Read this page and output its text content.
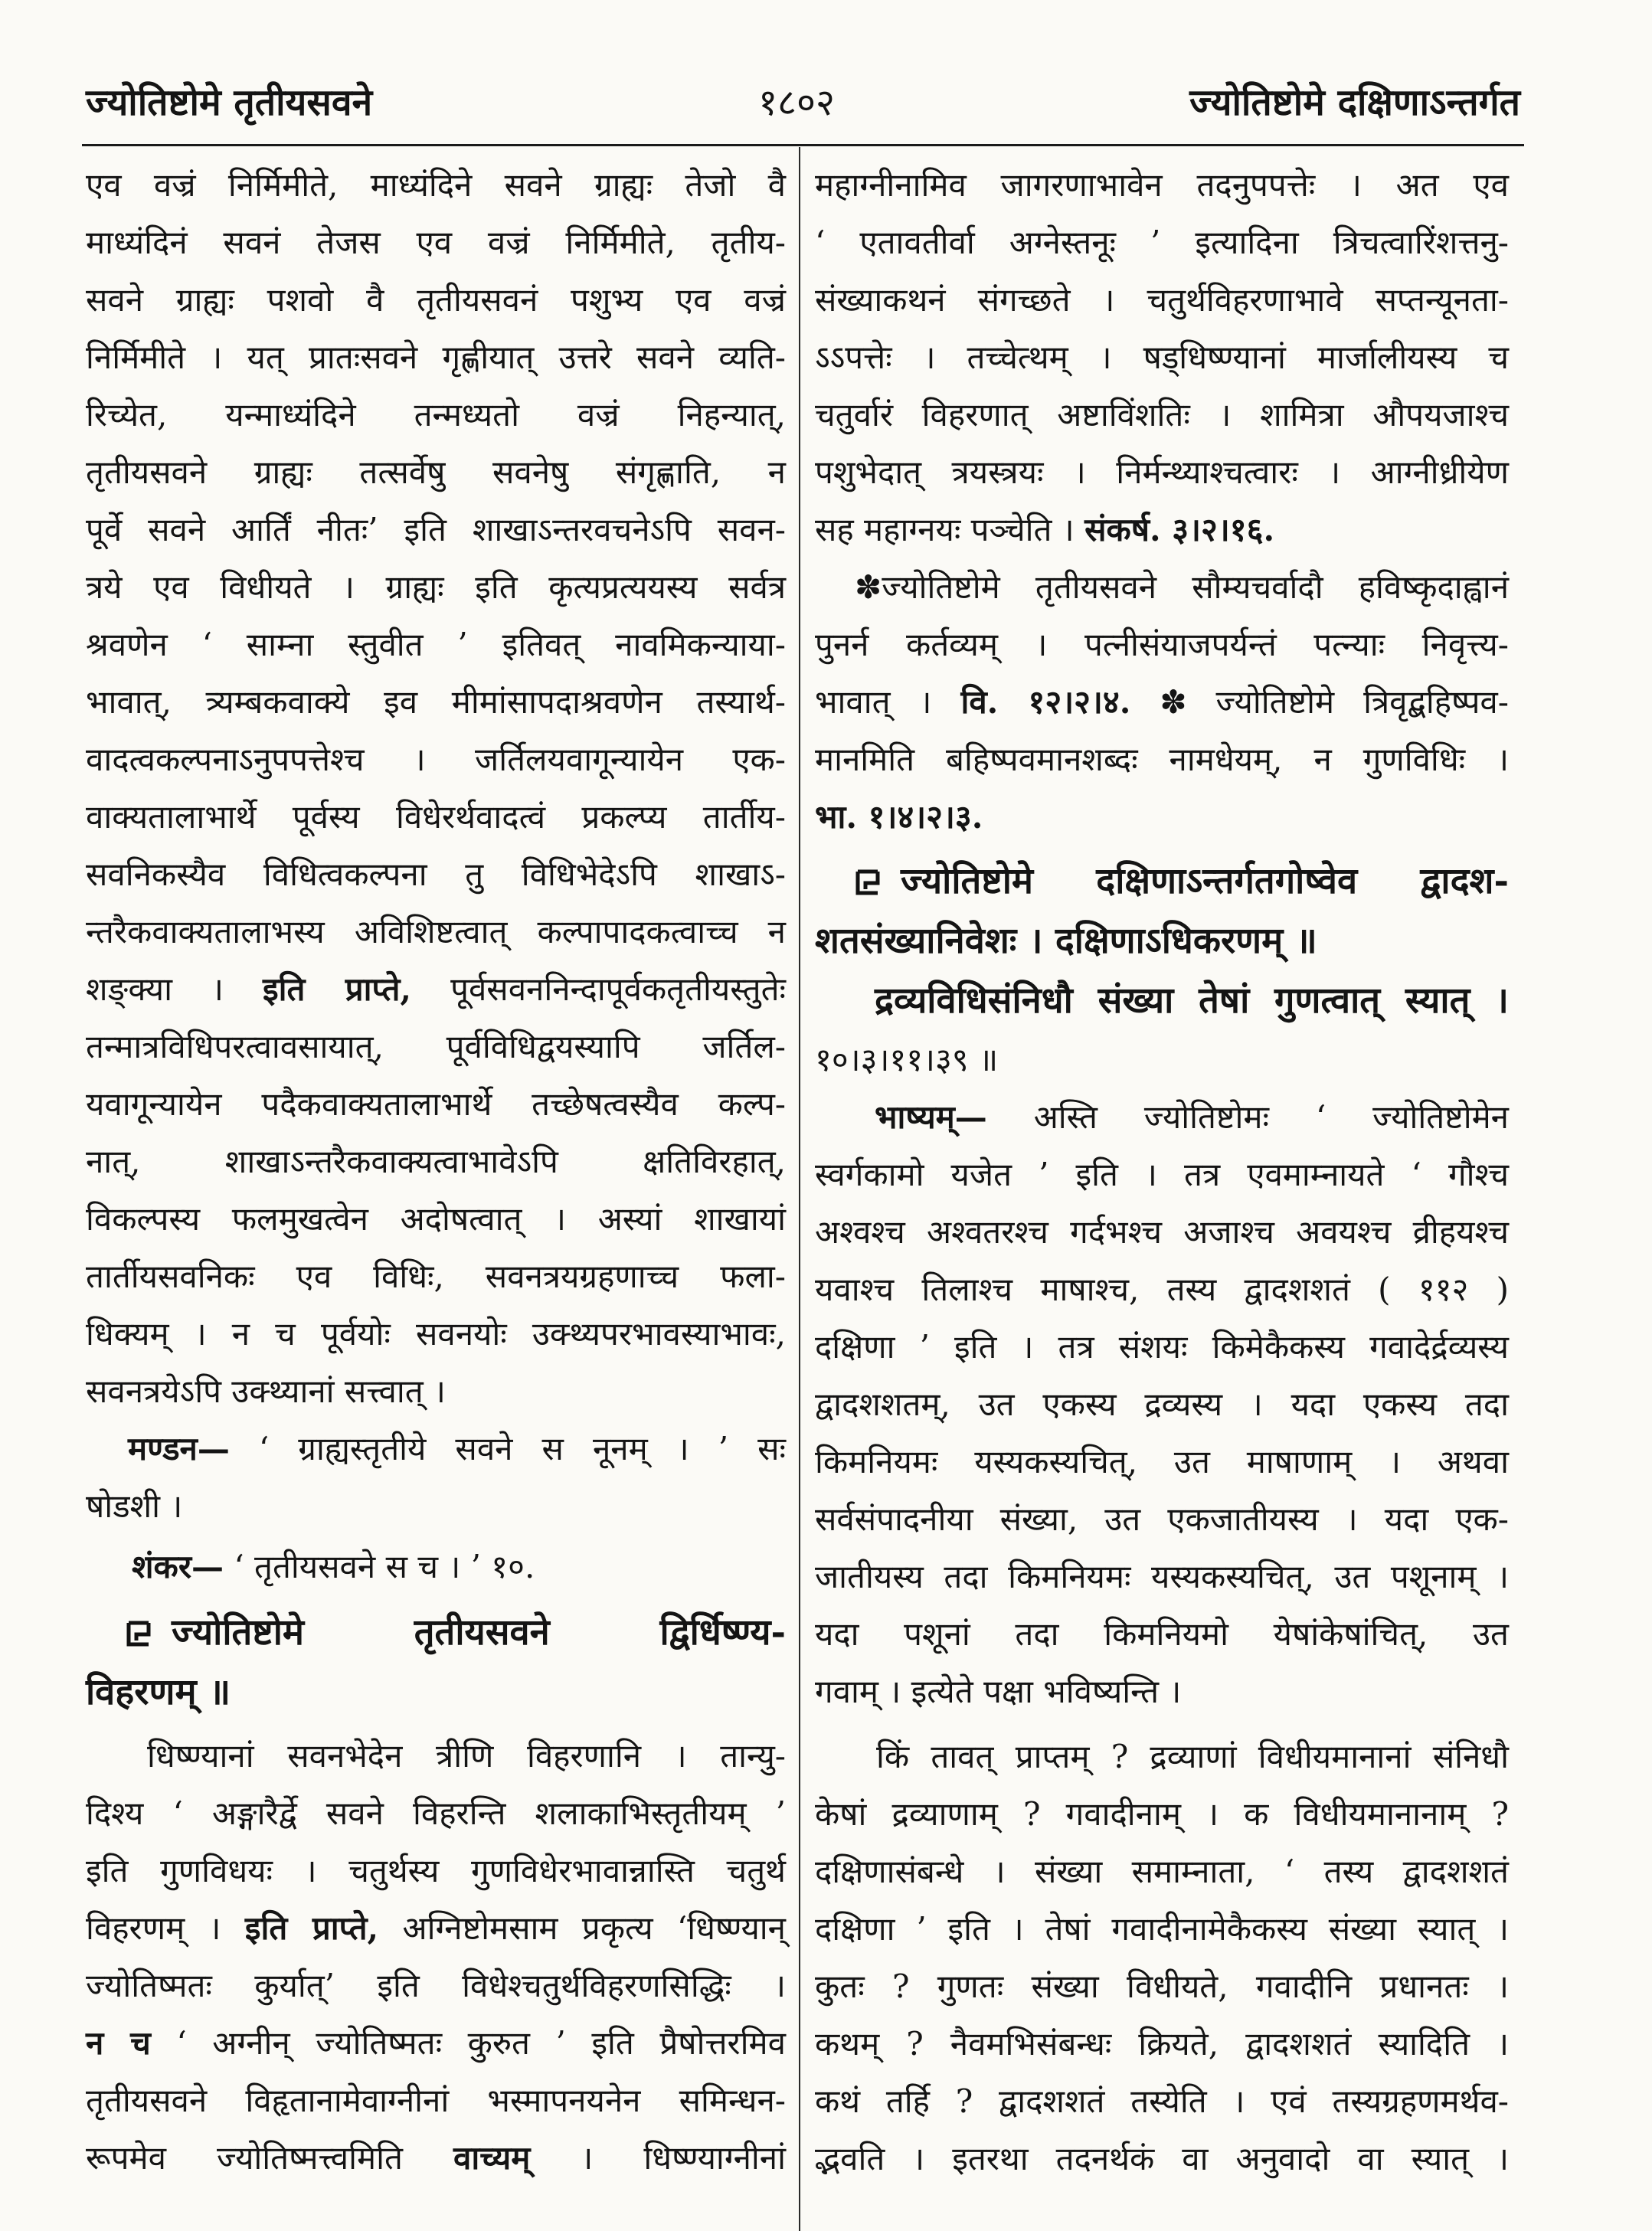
ज्योतिष्टोमे तृतीयसवने	१८०२	ज्योतिष्टोमे दक्षिणाऽन्तर्गत
एव वज्रं निर्मिमीते, माध्यंदिने सवने ग्राह्यः तेजो वै
माध्यंदिनं सवनं तेजस एव वज्रं निर्मिमीते, तृतीय-
सवने ग्राह्यः पशवो वै तृतीयसवनं पशुभ्य एव वज्रं
निर्मिमीते । यत् प्रातःसवने गृह्णीयात् उत्तरे सवने व्यति-
रिच्येत, यन्माध्यंदिने तन्मध्यतो वज्रं निहन्यात्,
तृतीयसवने ग्राह्यः तत्सर्वेषु सवनेषु संगृह्णाति, न
पूर्वे सवने आर्तिं नीतः’ इति शाखाऽन्तरवचनेऽपि सवन-
त्रये एव विधीयते । ग्राह्यः इति कृत्यप्रत्ययस्य सर्वत्र
श्रवणेन ‘ साम्ना स्तुवीत ’ इतिवत् नावमिकन्याया-
भावात्, त्र्यम्बकवाक्ये इव मीमांसापदाश्रवणेन तस्यार्थ-
वादत्वकल्पनाऽनुपपत्तेश्च । जर्तिलयवागून्यायेन एक-
वाक्यतालाभार्थे पूर्वस्य विधेरर्थवादत्वं प्रकल्प्य तार्तीय-
सवनिकस्यैव विधित्वकल्पना तु विधिभेदेऽपि शाखाऽ-
न्तरैकवाक्यतालाभस्य अविशिष्टत्वात् कल्पापादकत्वाच्च न
शङ्क्या । इति प्राप्ते, पूर्वसवननिन्दापूर्वकतृतीयस्तुतेः
तन्मात्रविधिपरत्वावसायात्, पूर्वविधिद्वयस्यापि जर्तिल-
यवागून्यायेन पदैकवाक्यतालाभार्थे तच्छेषत्वस्यैव कल्प-
नात्, शाखाऽन्तरैकवाक्यत्वाभावेऽपि क्षतिविरहात्,
विकल्पस्य फलमुखत्वेन अदोषत्वात् । अस्यां शाखायां
तार्तीयसवनिकः एव विधिः, सवनत्रयग्रहणाच्च फला-
धिक्यम् । न च पूर्वयोः सवनयोः उक्थ्यपरभावस्याभावः,
सवनत्रयेऽपि उक्थ्यानां सत्त्वात् ।
मण्डन— ‘ ग्राह्यस्तृतीये सवने स नूनम् । ’ सः
षोडशी ।
शंकर— ‘ तृतीयसवने स च । ’ १०.
ज्योतिष्टोमे तृतीयसवने द्विर्धिष्ण्य-
विहरणम् ॥
धिष्ण्यानां सवनभेदेन त्रीणि विहरणानि । तान्यु-
दिश्य ‘ अङ्गारैर्द्वे सवने विहरन्ति शलाकाभिस्तृतीयम् ’
इति गुणविधयः । चतुर्थस्य गुणविधेरभावान्नास्ति चतुर्थ
विहरणम् । इति प्राप्ते, अग्निष्टोमसाम प्रकृत्य ‘धिष्ण्यान्
ज्योतिष्मतः कुर्यात्’ इति विधेश्चतुर्थविहरणसिद्धिः ।
न च ‘ अग्नीन् ज्योतिष्मतः कुरुत ’ इति प्रैषोत्तरमिव
तृतीयसवने विहृतानामेवाग्नीनां भस्मापनयनेन समिन्धन-
रूपमेव ज्योतिष्मत्त्वमिति वाच्यम् । धिष्ण्याग्नीनां
महाग्नीनामिव जागरणाभावेन तदनुपपत्तेः । अत एव
‘ एतावतीर्वा अग्नेस्तनूः ’ इत्यादिना त्रिचत्वारिंशत्तनु-
संख्याकथनं संगच्छते । चतुर्थविहरणाभावे सप्तन्यूनता-
ऽऽपत्तेः । तच्चेत्थम् । षड्धिष्ण्यानां मार्जालीयस्य च
चतुर्वारं विहरणात् अष्टाविंशतिः । शामित्रा औपयजाश्च
पशुभेदात् त्रयस्त्रयः । निर्मन्थ्याश्चत्वारः । आग्नीध्रीयेण
सह महाग्नयः पञ्चेति । संकर्ष. ३।२।१६.
✽ज्योतिष्टोमे तृतीयसवने सौम्यचर्वादौ हविष्कृदाह्वानं
पुनर्न कर्तव्यम् । पत्नीसंयाजपर्यन्तं पत्न्याः निवृत्त्य-
भावात् । वि. १२।२।४. ✽ ज्योतिष्टोमे त्रिवृद्बहिष्पव-
मानमिति बहिष्पवमानशब्दः नामधेयम्, न गुणविधिः ।
भा. १।४।२।३.
ज्योतिष्टोमे दक्षिणाऽन्तर्गतगोष्वेव द्वादश-
शतसंख्यानिवेशः । दक्षिणाऽधिकरणम् ॥
द्रव्यविधिसंनिधौ संख्या तेषां गुणत्वात् स्यात् ।
१०।३।११।३९ ॥
भाष्यम्— अस्ति ज्योतिष्टोमः ‘ ज्योतिष्टोमेन
स्वर्गकामो यजेत ’ इति । तत्र एवमाम्नायते ‘ गौश्च
अश्वश्च अश्वतरश्च गर्दभश्च अजाश्च अवयश्च व्रीहयश्च
यवाश्च तिलाश्च माषाश्च, तस्य द्वादशशतं ( ११२ )
दक्षिणा ’ इति । तत्र संशयः किमेकैकस्य गवादेर्द्रव्यस्य
द्वादशशतम्, उत एकस्य द्रव्यस्य । यदा एकस्य तदा
किमनियमः यस्यकस्यचित्, उत माषाणाम् । अथवा
सर्वसंपादनीया संख्या, उत एकजातीयस्य । यदा एक-
जातीयस्य तदा किमनियमः यस्यकस्यचित्, उत पशूनाम् ।
यदा पशूनां तदा किमनियमो येषांकेषांचित्, उत
गवाम् । इत्येते पक्षा भविष्यन्ति ।
किं तावत् प्राप्तम् ? द्रव्याणां विधीयमानानां संनिधौ
केषां द्रव्याणाम् ? गवादीनाम् । क विधीयमानानाम् ?
दक्षिणासंबन्धे । संख्या समाम्नाता, ‘ तस्य द्वादशशतं
दक्षिणा ’ इति । तेषां गवादीनामेकैकस्य संख्या स्यात् ।
कुतः ? गुणतः संख्या विधीयते, गवादीनि प्रधानतः ।
कथम् ? नैवमभिसंबन्धः क्रियते, द्वादशशतं स्यादिति ।
कथं तर्हि ? द्वादशशतं तस्येति । एवं तस्यग्रहणमर्थव-
द्भवति । इतरथा तदनर्थकं वा अनुवादो वा स्यात् ।
